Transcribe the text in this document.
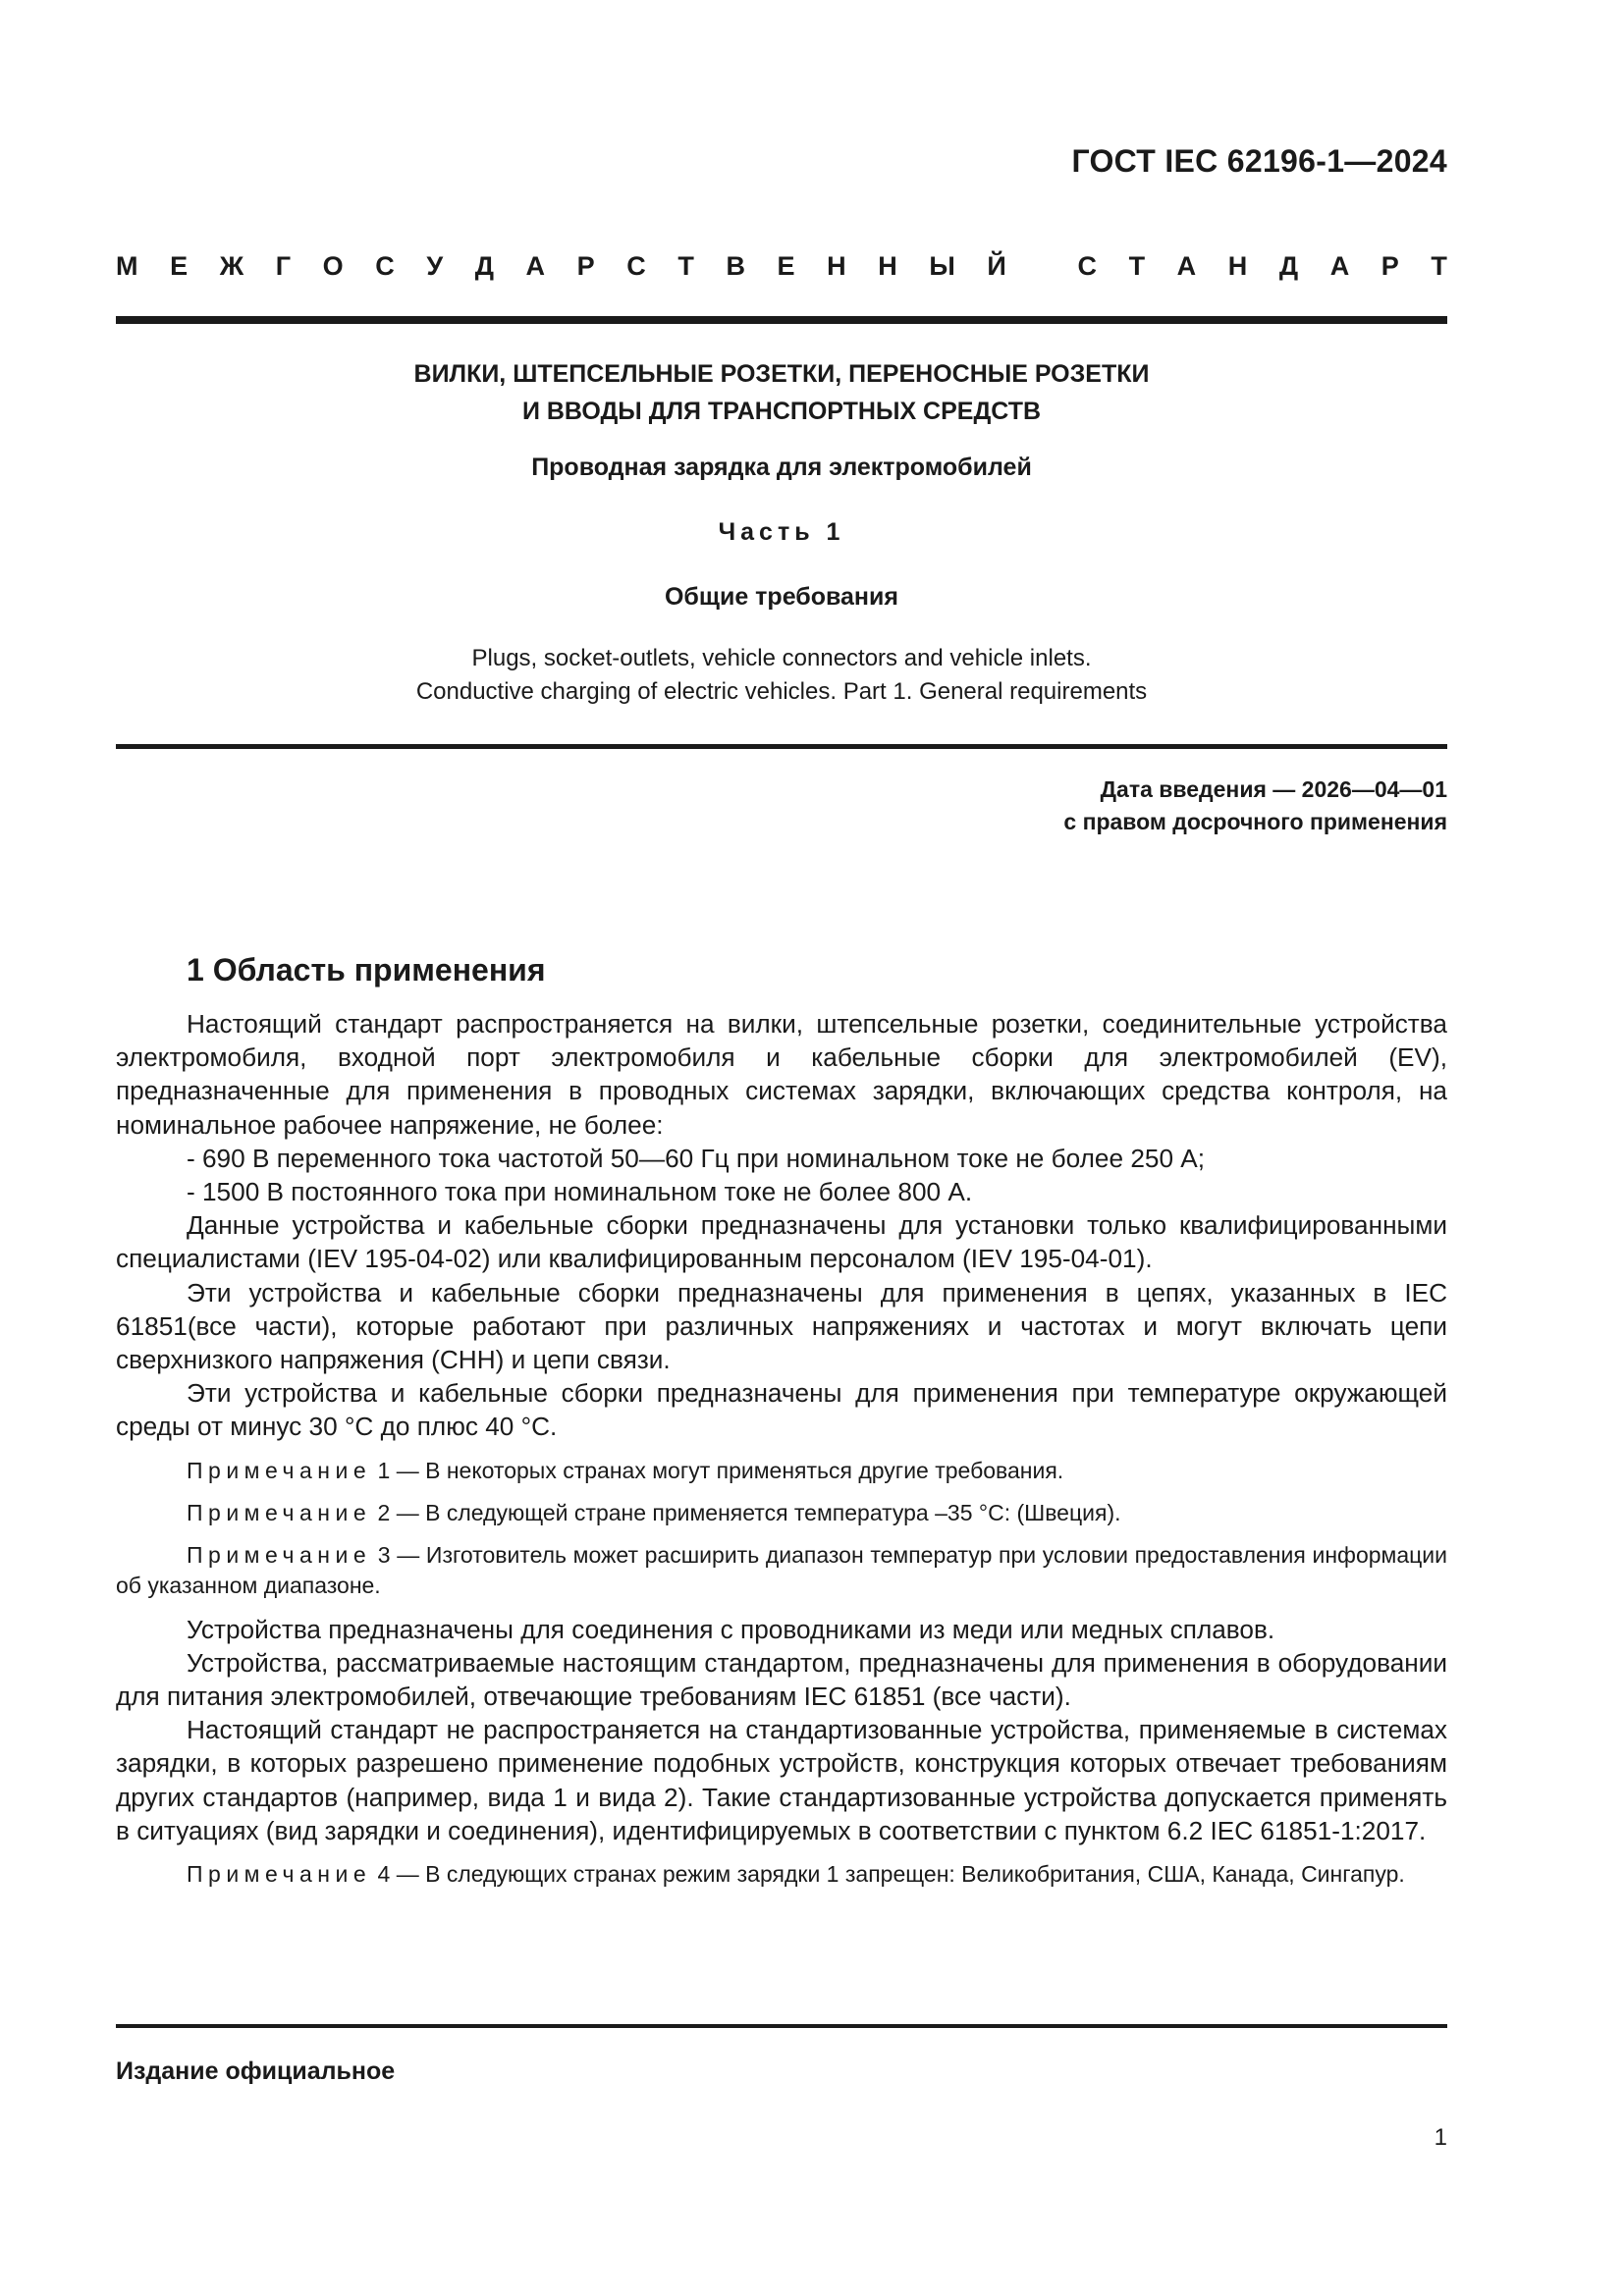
ГОСТ IEC 62196-1—2024
М Е Ж Г О С У Д А Р С Т В Е Н Н Ы Й
	С Т А Н Д А Р Т
ВИЛКИ, ШТЕПСЕЛЬНЫЕ РОЗЕТКИ, ПЕРЕНОСНЫЕ РОЗЕТКИ
И ВВОДЫ ДЛЯ ТРАНСПОРТНЫХ СРЕДСТВ
Проводная зарядка для электромобилей
Часть 1
Общие требования
Plugs, socket-outlets, vehicle connectors and vehicle inlets.
Conductive charging of electric vehicles. Part 1. General requirements
Дата введения — 2026—04—01
с правом досрочного применения
1 Область применения

Настоящий стандарт распространяется на вилки, штепсельные розетки, соединительные устройства электромобиля, входной порт электромобиля и кабельные сборки для электромобилей (EV), предназначенные для применения в проводных системах зарядки, включающих средства контроля, на номинальное рабочее напряжение, не более:

- 690 В переменного тока частотой 50—60 Гц при номинальном токе не более 250 А;

- 1500 В постоянного тока при номинальном токе не более 800 А.

Данные устройства и кабельные сборки предназначены для установки только квалифицированными специалистами (IEV 195-04-02) или квалифицированным персоналом (IEV 195-04-01).

Эти устройства и кабельные сборки предназначены для применения в цепях, указанных в IEC 61851(все части), которые работают при различных напряжениях и частотах и могут включать цепи сверхнизкого напряжения (СНН) и цепи связи.

Эти устройства и кабельные сборки предназначены для применения при температуре окружающей среды от минус 30 °С до плюс 40 °С.

Примечание 1 — В некоторых странах могут применяться другие требования.

Примечание 2 — В следующей стране применяется температура –35 °С: (Швеция).

Примечание 3 — Изготовитель может расширить диапазон температур при условии предоставления информации об указанном диапазоне.

Устройства предназначены для соединения с проводниками из меди или медных сплавов.

Устройства, рассматриваемые настоящим стандартом, предназначены для применения в оборудовании для питания электромобилей, отвечающие требованиям IEC 61851 (все части).

Настоящий стандарт не распространяется на стандартизованные устройства, применяемые в системах зарядки, в которых разрешено применение подобных устройств, конструкция которых отвечает требованиям других стандартов (например, вида 1 и вида 2). Такие стандартизованные устройства допускается применять в ситуациях (вид зарядки и соединения), идентифицируемых в соответствии с пунктом 6.2 IEC 61851-1:2017.

Примечание 4 — В следующих странах режим зарядки 1 запрещен: Великобритания, США, Канада, Сингапур.

Издание официальное
1
